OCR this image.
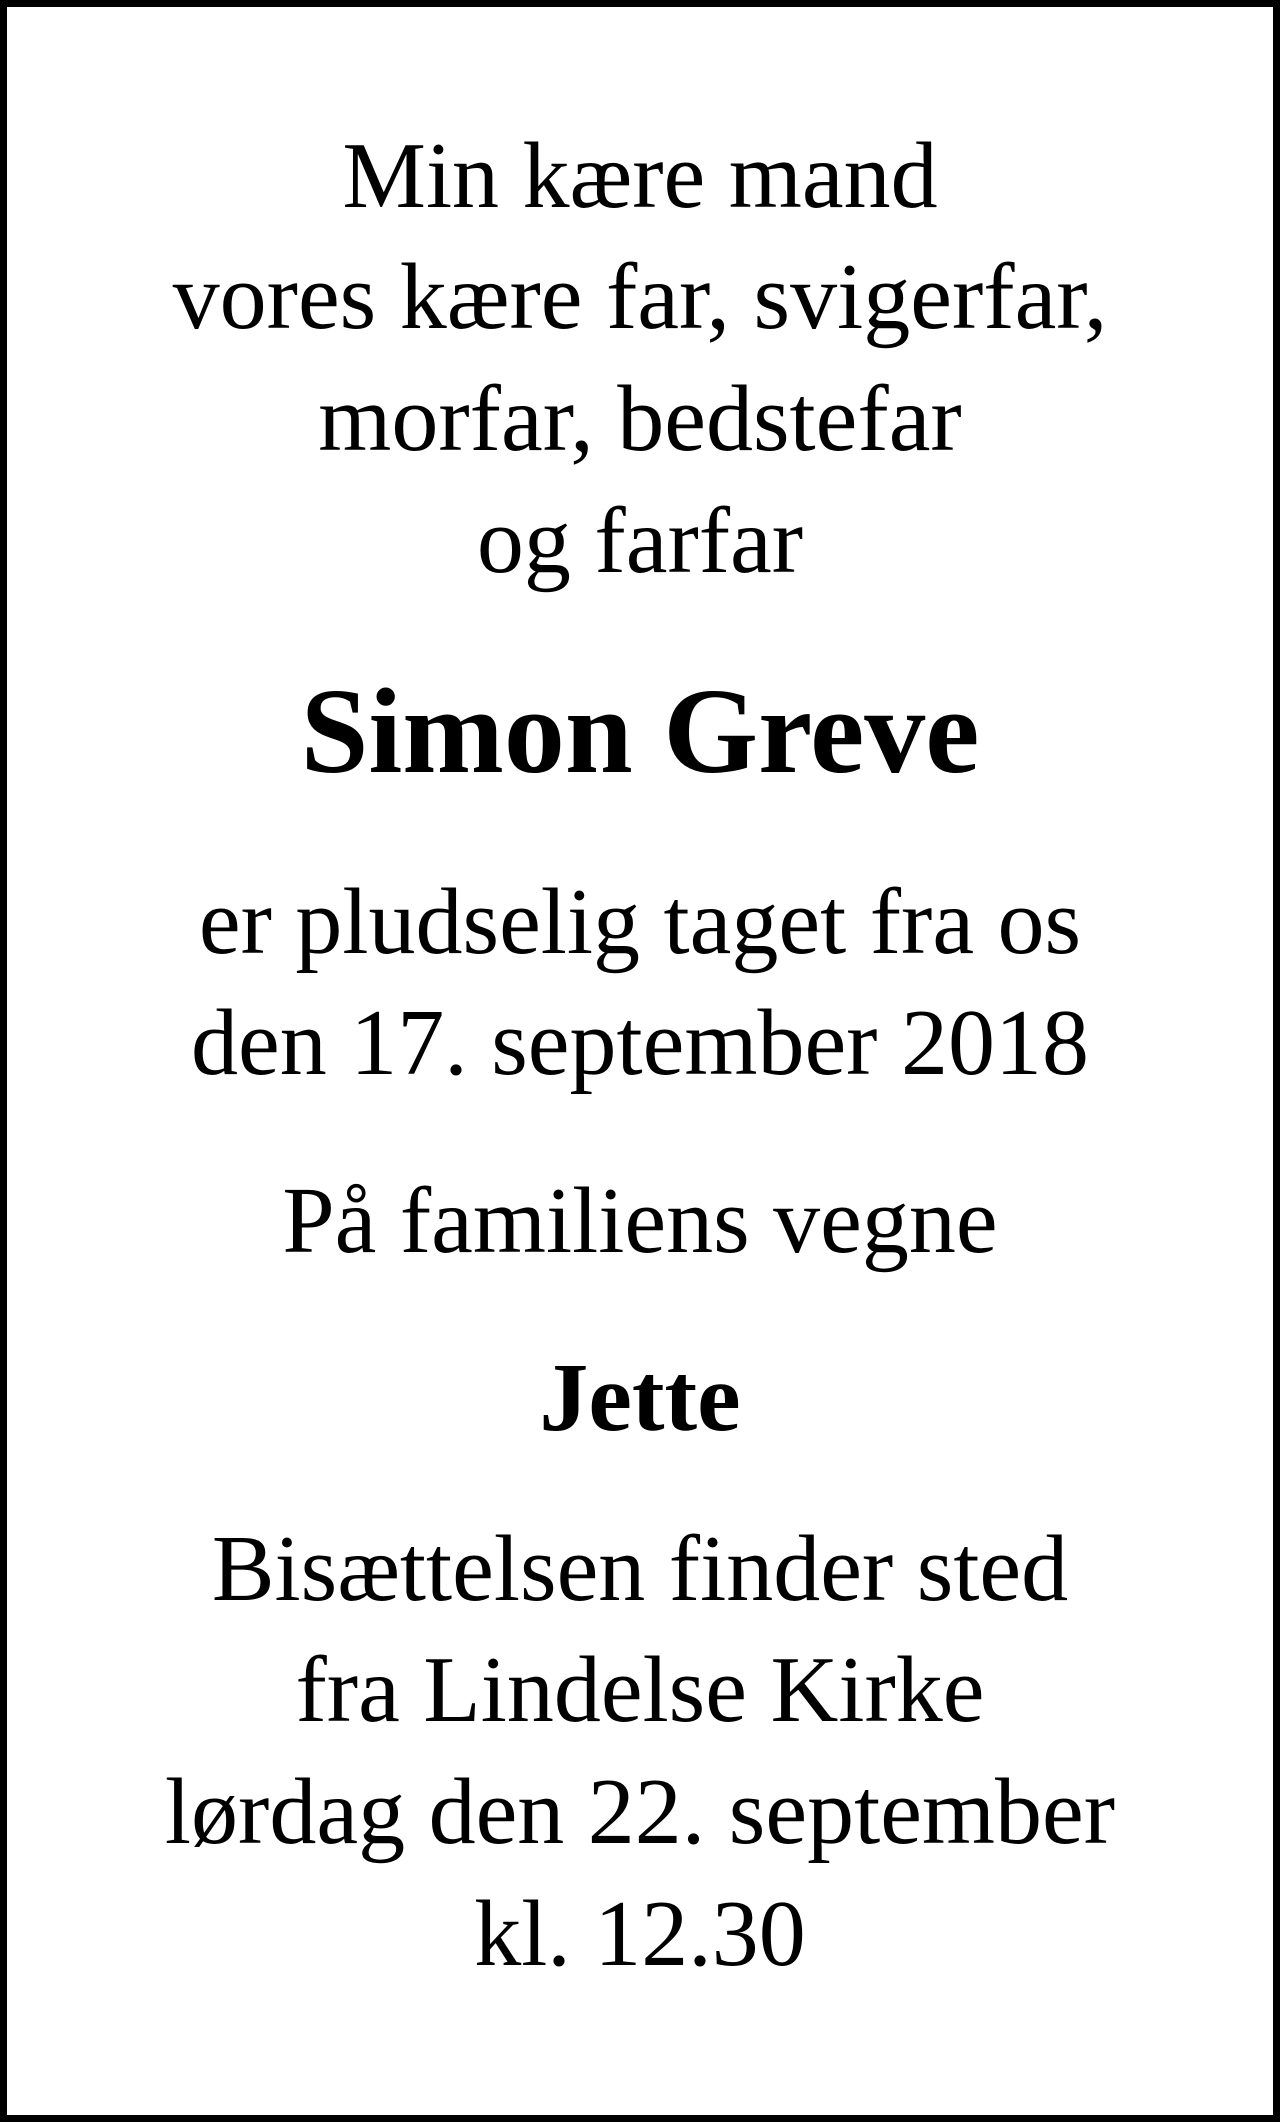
Min kære mand

vores kære far, svigerfar,

morfar, bedstefar

og farfar

Simon Greve

er pludselig taget fra os

den 17. september 2018

På familiens vegne

Jette

Bisættelsen finder sted

fra Lindelse Kirke

lørdag den 22. september

kl. 12.30
